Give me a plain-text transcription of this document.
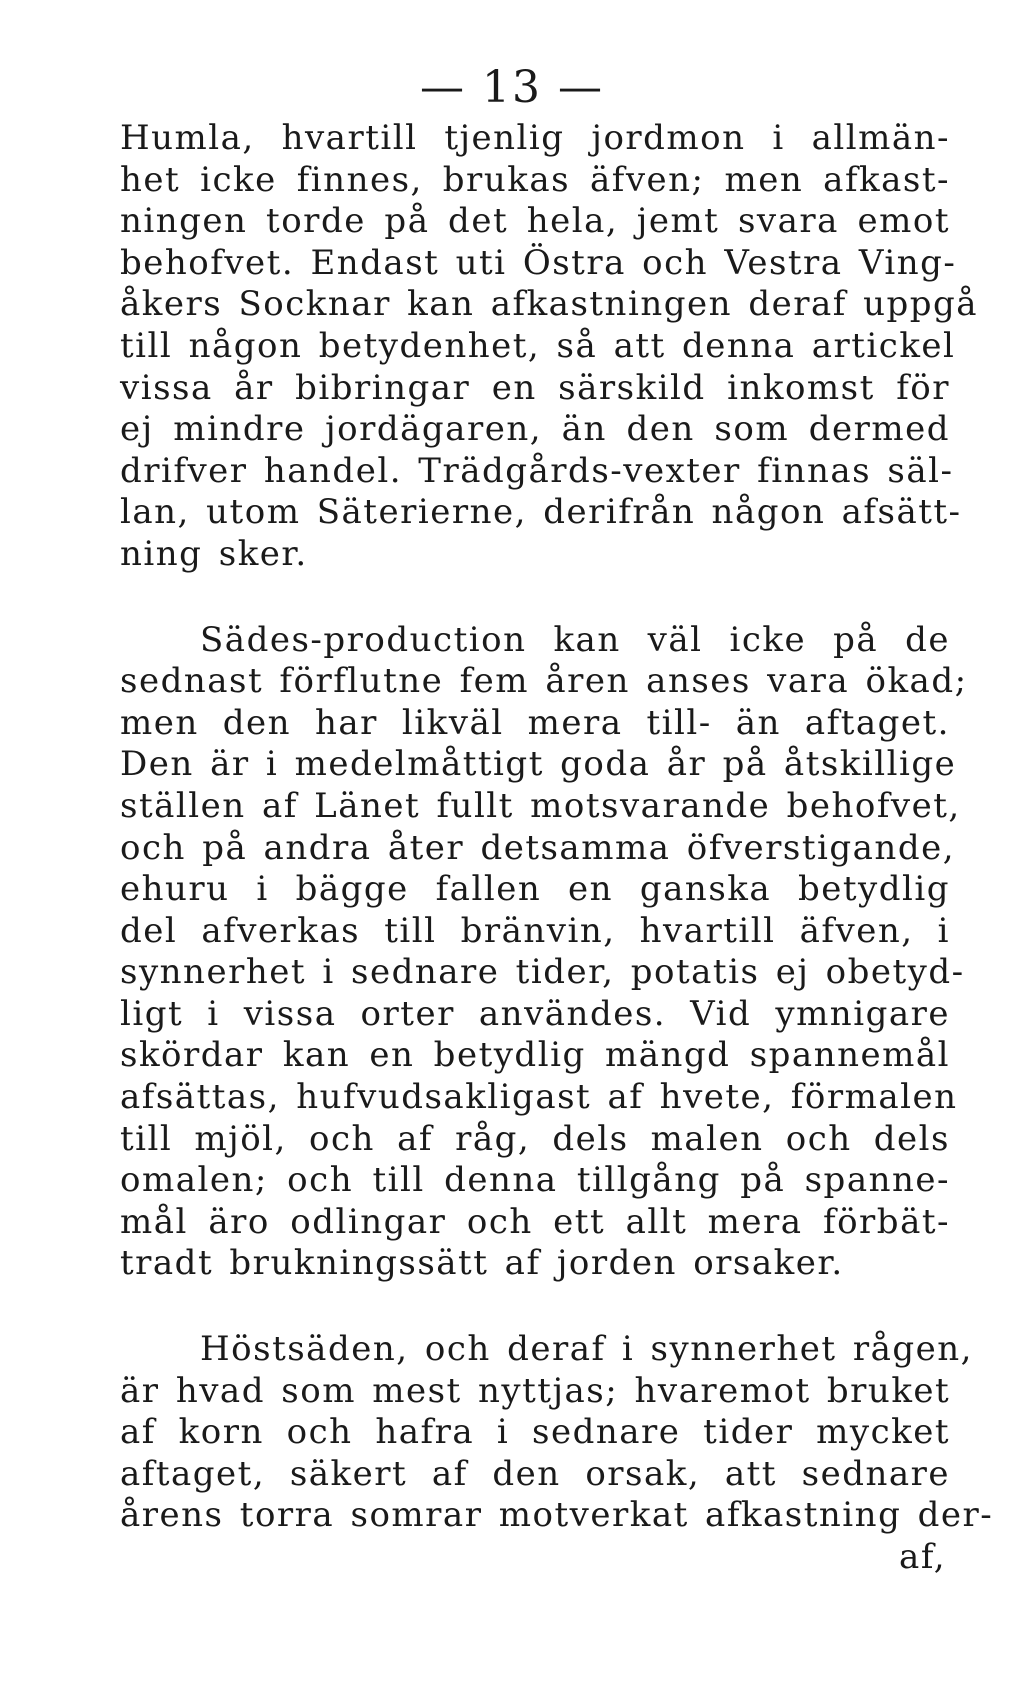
— 13 —
Humla, hvartill tjenlig jordmon i allmän-
het icke finnes, brukas äfven; men afkast-
ningen torde på det hela, jemt svara emot
behofvet. Endast uti Östra och Vestra Ving-
åkers Socknar kan afkastningen deraf uppgå
till någon betydenhet, så att denna artickel
vissa år bibringar en särskild inkomst för
ej mindre jordägaren, än den som dermed
drifver handel. Trädgårds-vexter finnas säl-
lan, utom Säterierne, derifrån någon afsätt-
ning sker.
Sädes-production kan väl icke på de
sednast förflutne fem åren anses vara ökad;
men den har likväl mera till- än aftaget.
Den är i medelmåttigt goda år på åtskillige
ställen af Länet fullt motsvarande behofvet,
och på andra åter detsamma öfverstigande,
ehuru i bägge fallen en ganska betydlig
del afverkas till bränvin, hvartill äfven, i
synnerhet i sednare tider, potatis ej obetyd-
ligt i vissa orter användes. Vid ymnigare
skördar kan en betydlig mängd spannemål
afsättas, hufvudsakligast af hvete, förmalen
till mjöl, och af råg, dels malen och dels
omalen; och till denna tillgång på spanne-
mål äro odlingar och ett allt mera förbät-
tradt brukningssätt af jorden orsaker.
Höstsäden, och deraf i synnerhet rågen,
är hvad som mest nyttjas; hvaremot bruket
af korn och hafra i sednare tider mycket
aftaget, säkert af den orsak, att sednare
årens torra somrar motverkat afkastning der-
af,
